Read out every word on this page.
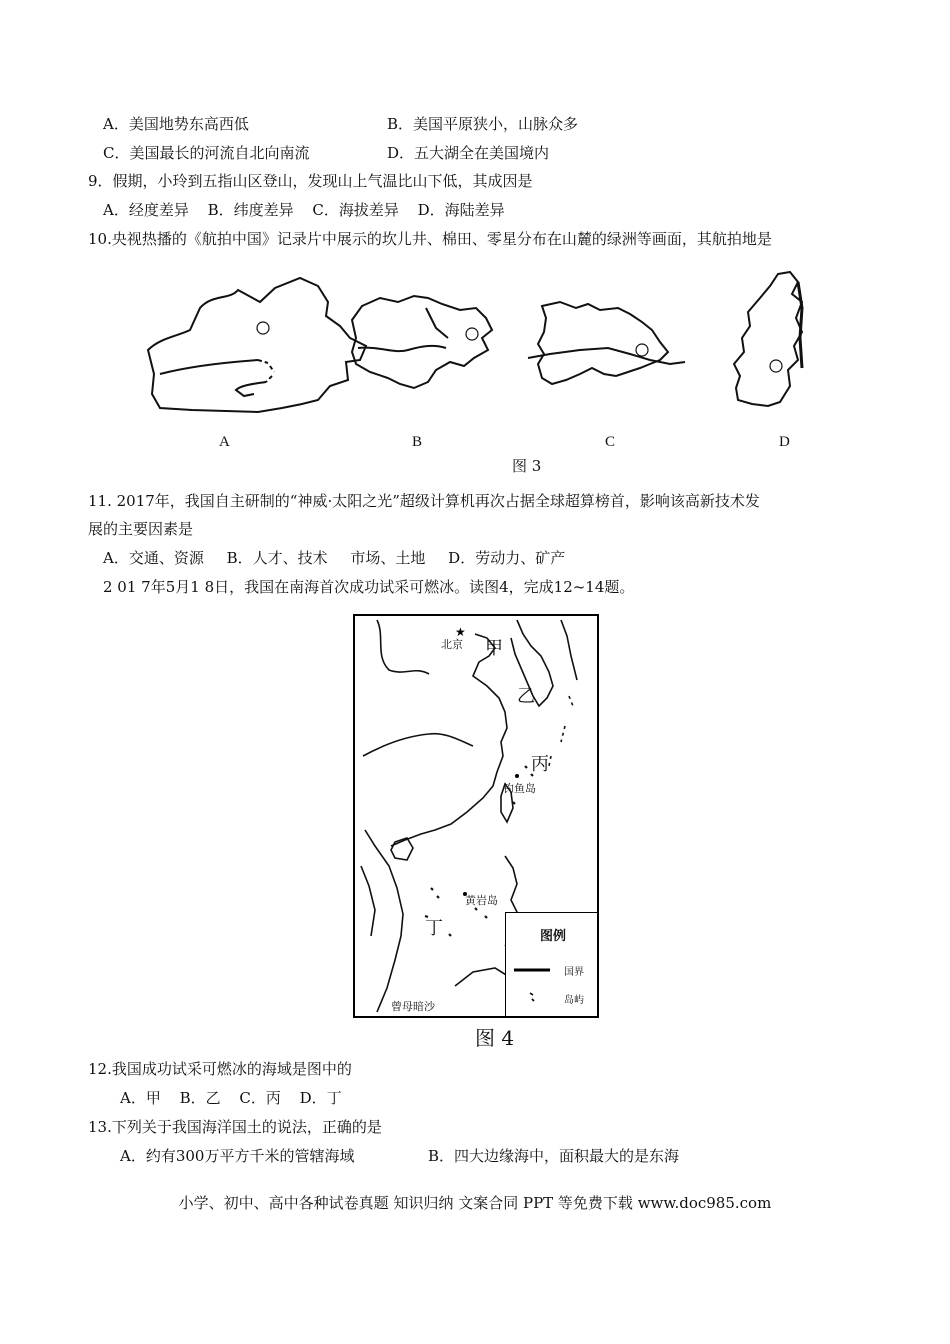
A．美国地势东高西低	B．美国平原狭小，山脉众多
C．美国最长的河流自北向南流	D．五大湖全在美国境内
9．假期，小玲到五指山区登山，发现山上气温比山下低，其成因是
A．经度差异 B．纬度差异 C．海拔差异 D．海陆差异
10.央视热播的《航拍中国》记录片中展示的坎儿井、棉田、零星分布在山麓的绿洲等画面，其航拍地是
A	B	C	D
图 3
11. 2017年，我国自主研制的“神威·太阳之光”超级计算机再次占据全球超算榜首，影响该高新技术发
展的主要因素是
A．交通、资源 B．人才、技术 市场、土地 D．劳动力、矿产
2 01 7年5月1 8日，我国在南海首次成功试采可燃冰。读图4，完成12~14题。
★
北京 甲
乙
丙
钓鱼岛
黄岩岛
丁
曾母暗沙
图例
国界
岛屿
图 4
12.我国成功试采可燃冰的海域是图中的
A．甲 B．乙 C．丙 D．丁
13.下列关于我国海洋国土的说法，正确的是
A．约有300万平方千米的管辖海域	B．四大边缘海中，面积最大的是东海
小学、初中、高中各种试卷真题 知识归纳 文案合同 PPT 等免费下载 www.doc985.com
